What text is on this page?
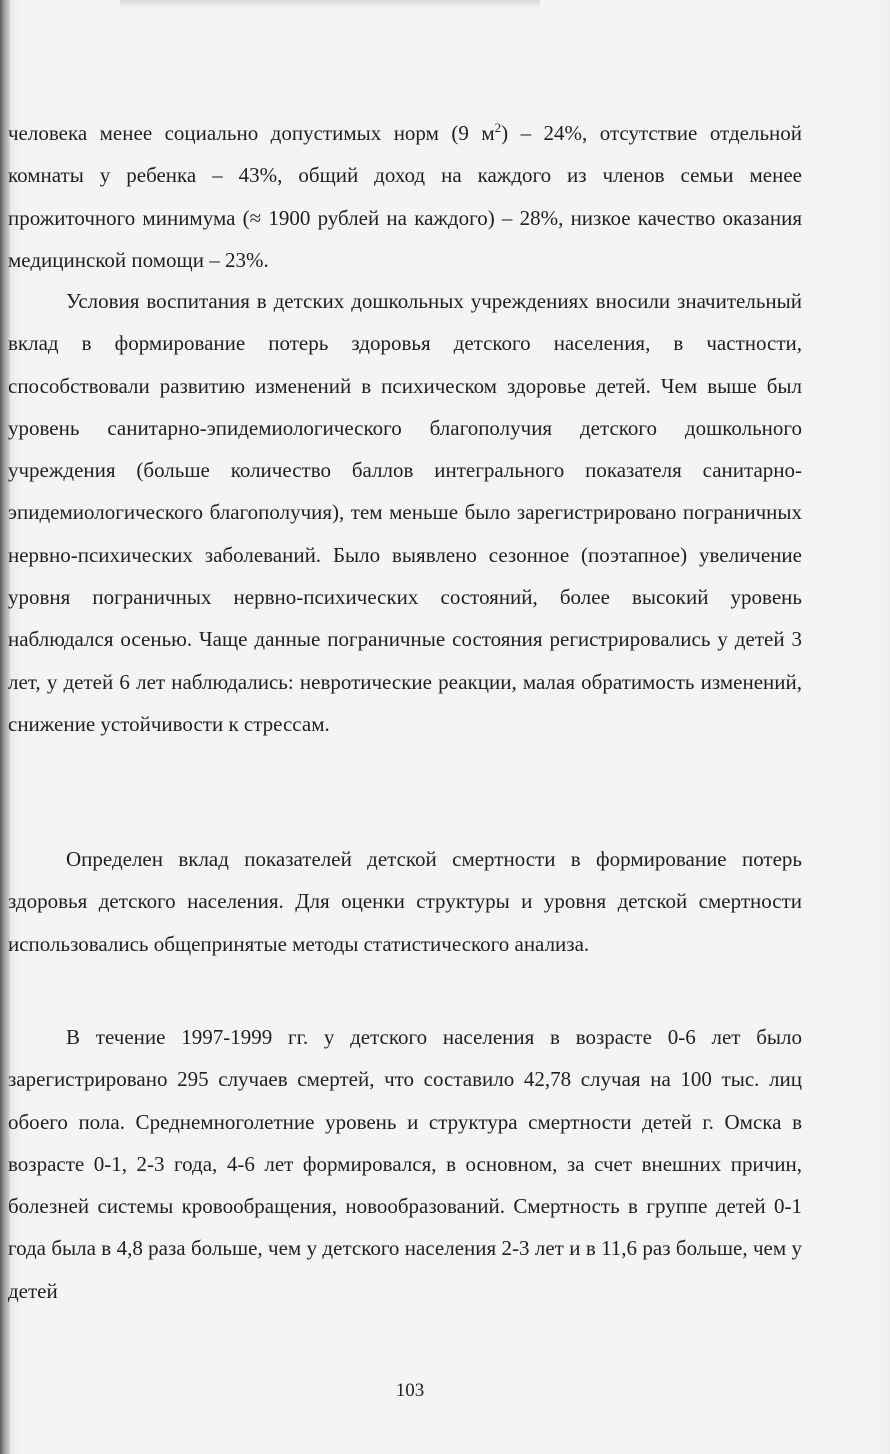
человека менее социально допустимых норм (9 $м^2) - 24\%$, отсутствие отдельной комнаты у ребенка – 43%, общий доход на каждого из членов семьи менее прожиточного минимума (≈ 1900 рублей на каждого) – 28%, низкое качество оказания медицинской помощи – 23%.

Условия воспитания в детских дошкольных учреждениях вносили значительный вклад в формирование потерь здоровья детского населения, в частности, способствовали развитию изменений в психическом здоровье детей. Чем выше был уровень санитарно-эпидемиологического благополучия детского дошкольного учреждения (больше количество баллов интегрального показателя санитарно-эпидемиологического благополучия), тем меньше было зарегистрировано пограничных нервно-психических заболеваний. Было выявлено сезонное (поэтапное) увеличение уровня пограничных нервно-психических состояний, более высокий уровень наблюдался осенью. Чаще данные пограничные состояния регистрировались у детей 3 лет, у детей 6 лет наблюдались: невротические реакции, малая обратимость изменений, снижение устойчивости к стрессам.

Определен вклад показателей детской смертности в формирование потерь здоровья детского населения. Для оценки структуры и уровня детской смертности использовались общепринятые методы статистического анализа.

В течение 1997-1999 гг. у детского населения в возрасте 0-6 лет было зарегистрировано 295 случаев смертей, что составило 42,78 случая на 100 тыс. лиц обоего пола. Среднемноголетние уровень и структура смертности детей г. Омска в возрасте 0-1, 2-3 года, 4-6 лет формировался, в основном, за счет внешних причин, болезней системы кровообращения, новообразований. Смертность в группе детей 0-1 года была в 4,8 раза больше, чем у детского населения 2-3 лет и в 11,6 раз больше, чем у детей

103
